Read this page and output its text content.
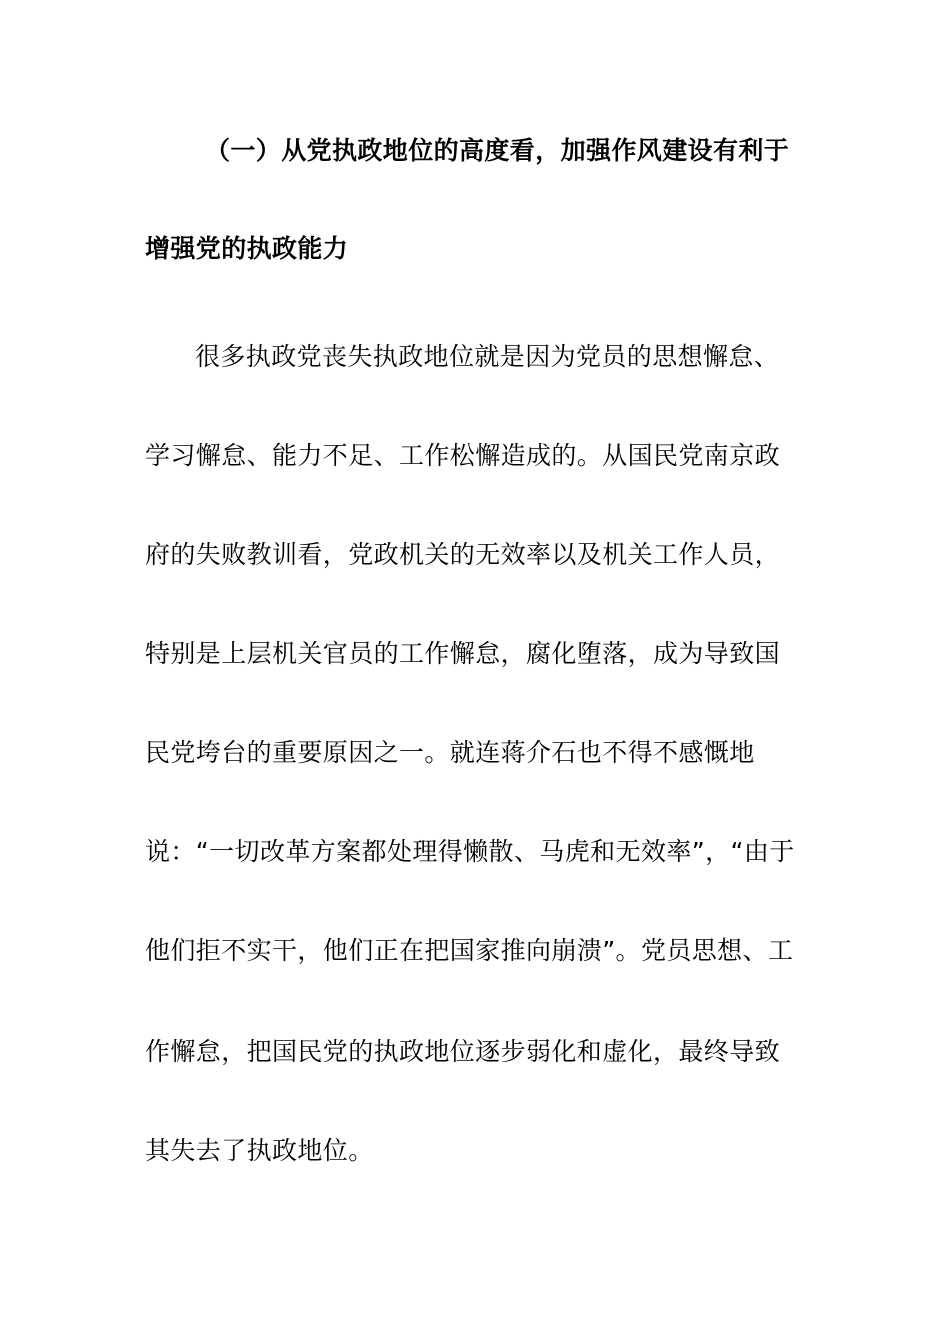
（一）从党执政地位的高度看，加强作风建设有利于
增强党的执政能力
很多执政党丧失执政地位就是因为党员的思想懈怠、
学习懈怠、能力不足、工作松懈造成的。从国民党南京政
府的失败教训看，党政机关的无效率以及机关工作人员，
特别是上层机关官员的工作懈怠，腐化堕落，成为导致国
民党垮台的重要原因之一。就连蒋介石也不得不感慨地
说：“一切改革方案都处理得懒散、马虎和无效率”，“由于
他们拒不实干，他们正在把国家推向崩溃”。党员思想、工
作懈怠，把国民党的执政地位逐步弱化和虚化，最终导致
其失去了执政地位。
